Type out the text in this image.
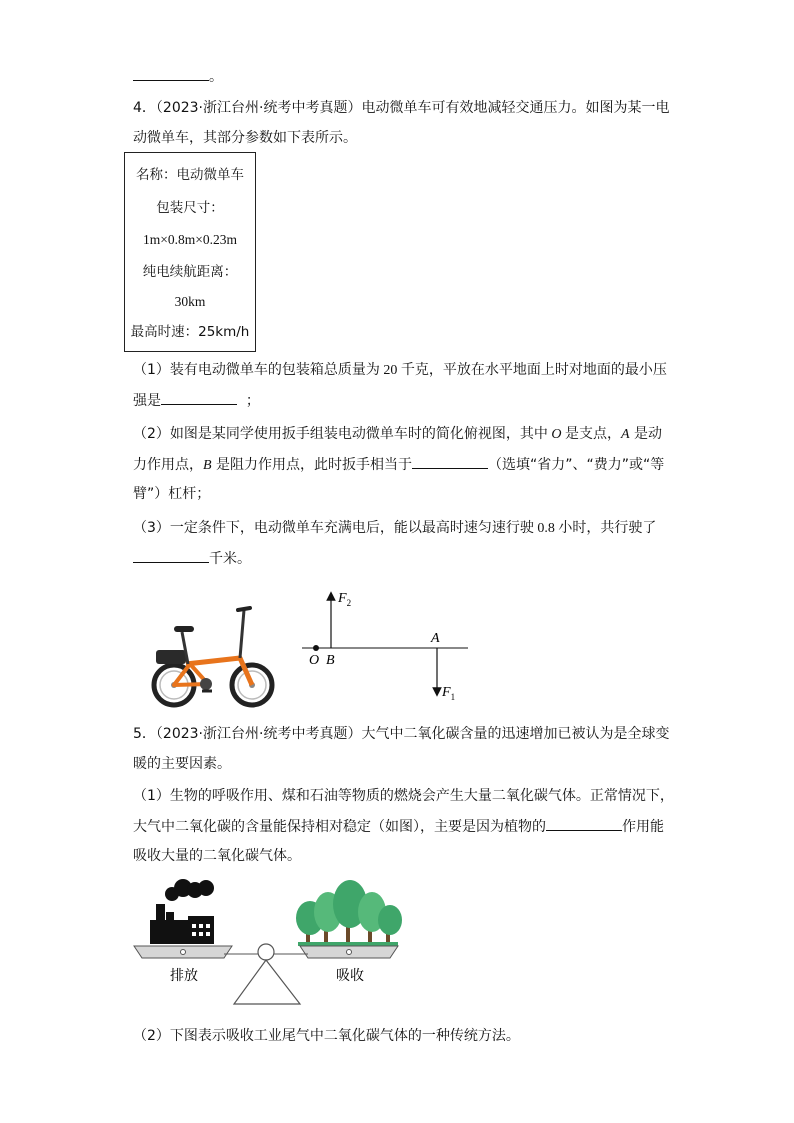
。
4．（2023·浙江台州·统考中考真题）电动微单车可有效地减轻交通压力。如图为某一电
动微单车，其部分参数如下表所示。
名称：电动微单车
包装尺寸：
1m×0.8m×0.23m
纯电续航距离：
30km
最高时速：25km/h
（1）装有电动微单车的包装箱总质量为 20 千克，平放在水平地面上时对地面的最小压
强是	；
（2）如图是某同学使用扳手组装电动微单车时的简化俯视图，其中 O 是支点，A 是动
力作用点，B 是阻力作用点，此时扳手相当于	（选填“省力”、“费力”或“等
臂”）杠杆；
（3）一定条件下，电动微单车充满电后，能以最高时速匀速行驶 0.8 小时，共行驶了
千米。
$F_2$
$F_1$
A
O B
5．（2023·浙江台州·统考中考真题）大气中二氧化碳含量的迅速增加已被认为是全球变
暖的主要因素。
（1）生物的呼吸作用、煤和石油等物质的燃烧会产生大量二氧化碳气体。正常情况下，
大气中二氧化碳的含量能保持相对稳定（如图），主要是因为植物的	作用能
吸收大量的二氧化碳气体。
排放	吸收
（2）下图表示吸收工业尾气中二氧化碳气体的一种传统方法。
